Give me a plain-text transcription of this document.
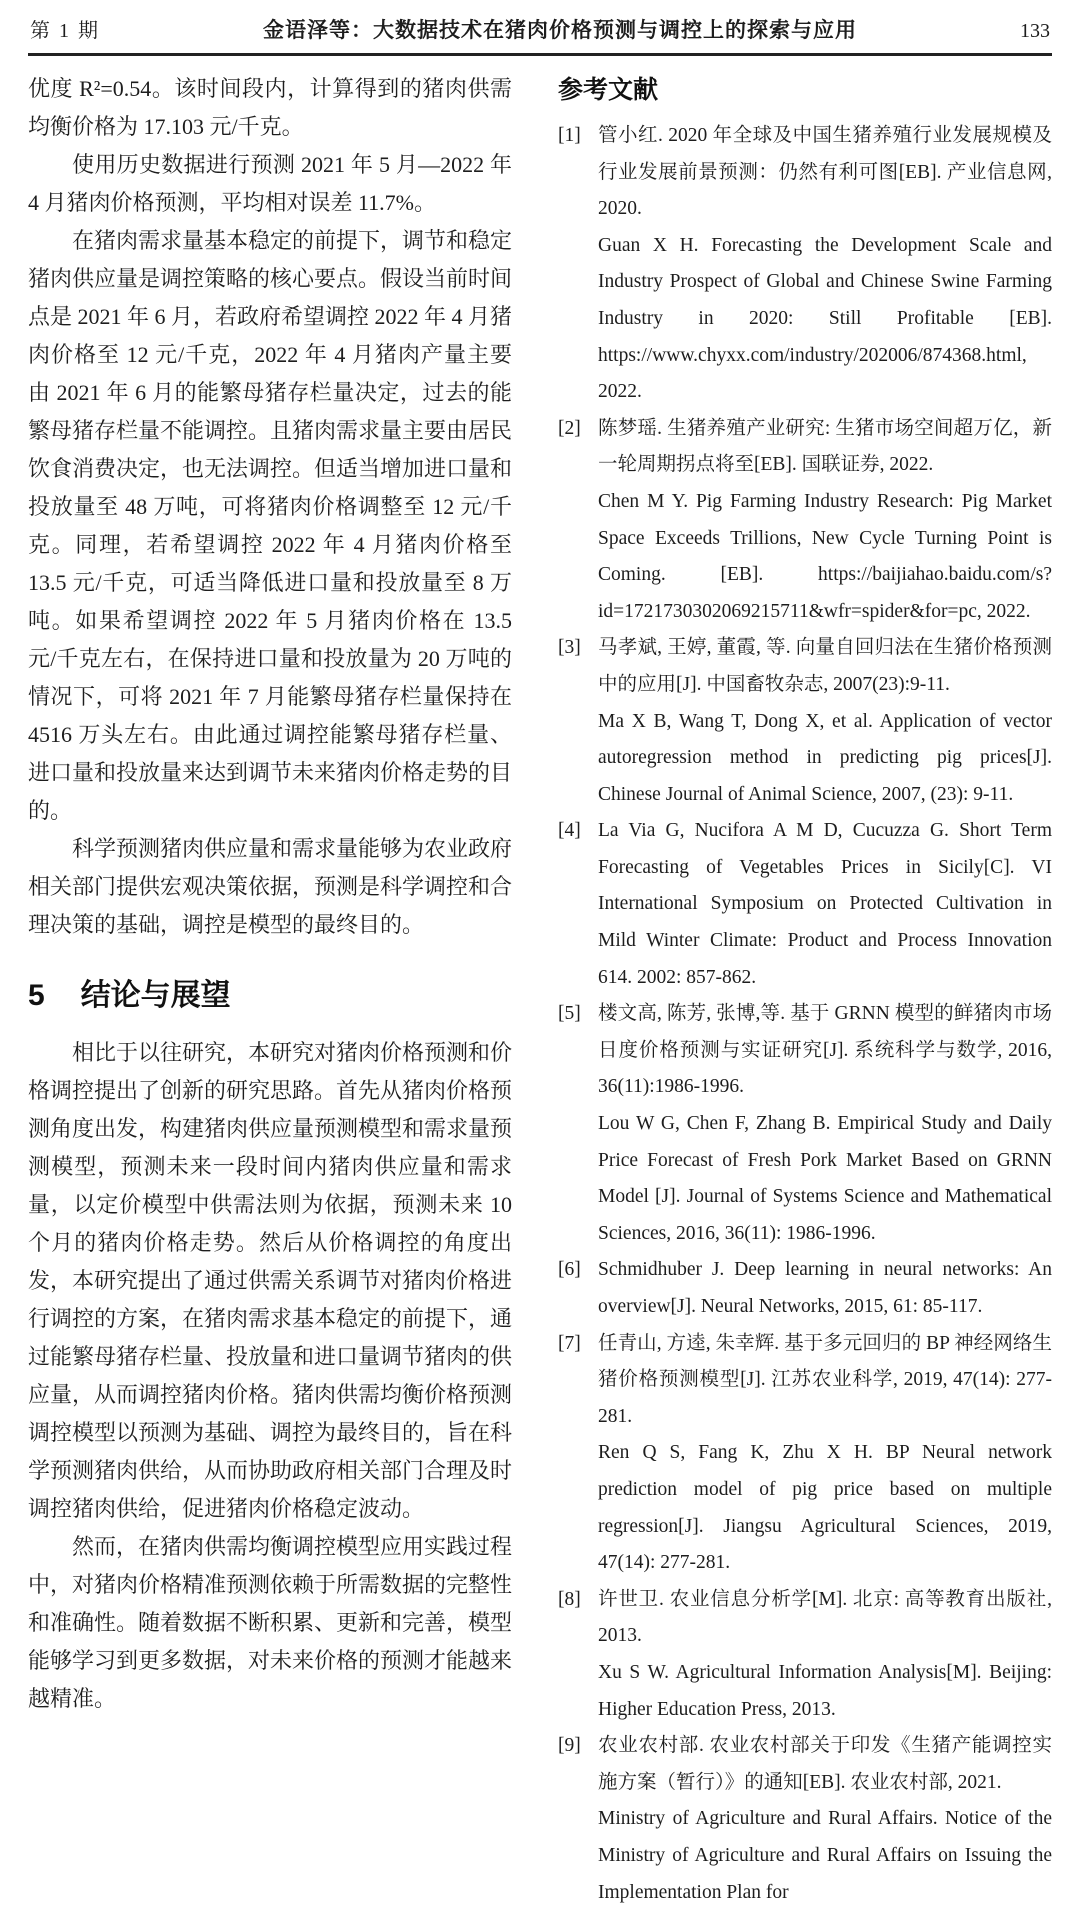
第 1 期	金语泽等：大数据技术在猪肉价格预测与调控上的探索与应用	133

优度 R²=0.54。该时间段内，计算得到的猪肉供需均衡价格为 17.103 元/千克。

使用历史数据进行预测 2021 年 5 月—2022 年 4 月猪肉价格预测，平均相对误差 11.7%。

在猪肉需求量基本稳定的前提下，调节和稳定猪肉供应量是调控策略的核心要点。假设当前时间点是 2021 年 6 月，若政府希望调控 2022 年 4 月猪肉价格至 12 元/千克，2022 年 4 月猪肉产量主要由 2021 年 6 月的能繁母猪存栏量决定，过去的能繁母猪存栏量不能调控。且猪肉需求量主要由居民饮食消费决定，也无法调控。但适当增加进口量和投放量至 48 万吨，可将猪肉价格调整至 12 元/千克。同理，若希望调控 2022 年 4 月猪肉价格至 13.5 元/千克，可适当降低进口量和投放量至 8 万吨。如果希望调控 2022 年 5 月猪肉价格在 13.5 元/千克左右，在保持进口量和投放量为 20 万吨的情况下，可将 2021 年 7 月能繁母猪存栏量保持在 4516 万头左右。由此通过调控能繁母猪存栏量、进口量和投放量来达到调节未来猪肉价格走势的目的。

科学预测猪肉供应量和需求量能够为农业政府相关部门提供宏观决策依据，预测是科学调控和合理决策的基础，调控是模型的最终目的。

5 结论与展望

相比于以往研究，本研究对猪肉价格预测和价格调控提出了创新的研究思路。首先从猪肉价格预测角度出发，构建猪肉供应量预测模型和需求量预测模型，预测未来一段时间内猪肉供应量和需求量，以定价模型中供需法则为依据，预测未来 10 个月的猪肉价格走势。然后从价格调控的角度出发，本研究提出了通过供需关系调节对猪肉价格进行调控的方案，在猪肉需求基本稳定的前提下，通过能繁母猪存栏量、投放量和进口量调节猪肉的供应量，从而调控猪肉价格。猪肉供需均衡价格预测调控模型以预测为基础、调控为最终目的，旨在科学预测猪肉供给，从而协助政府相关部门合理及时调控猪肉供给，促进猪肉价格稳定波动。

然而，在猪肉供需均衡调控模型应用实践过程中，对猪肉价格精准预测依赖于所需数据的完整性和准确性。随着数据不断积累、更新和完善，模型能够学习到更多数据，对未来价格的预测才能越来越精准。

参考文献
[1] 管小红. 2020 年全球及中国生猪养殖行业发展规模及行业发展前景预测：仍然有利可图[EB]. 产业信息网, 2020.
Guan X H. Forecasting the Development Scale and Industry Prospect of Global and Chinese Swine Farming Industry in 2020: Still Profitable [EB]. https://www.chyxx.com/industry/202006/874368.html, 2022.
[2] 陈梦瑶. 生猪养殖产业研究: 生猪市场空间超万亿，新一轮周期拐点将至[EB]. 国联证券, 2022.
Chen M Y. Pig Farming Industry Research: Pig Market Space Exceeds Trillions, New Cycle Turning Point is Coming. [EB]. https://baijiahao.baidu.com/s?id=1721730302069215711&wfr=spider&for=pc, 2022.
[3] 马孝斌, 王婷, 董霞, 等. 向量自回归法在生猪价格预测中的应用[J]. 中国畜牧杂志, 2007(23):9-11.
Ma X B, Wang T, Dong X, et al. Application of vector autoregression method in predicting pig prices[J]. Chinese Journal of Animal Science, 2007, (23): 9-11.
[4] La Via G, Nucifora A M D, Cucuzza G. Short Term Forecasting of Vegetables Prices in Sicily[C]. VI International Symposium on Protected Cultivation in Mild Winter Climate: Product and Process Innovation 614. 2002: 857-862.
[5] 楼文高, 陈芳, 张博,等. 基于 GRNN 模型的鲜猪肉市场日度价格预测与实证研究[J]. 系统科学与数学, 2016, 36(11):1986-1996.
Lou W G, Chen F, Zhang B. Empirical Study and Daily Price Forecast of Fresh Pork Market Based on GRNN Model [J]. Journal of Systems Science and Mathematical Sciences, 2016, 36(11): 1986-1996.
[6] Schmidhuber J. Deep learning in neural networks: An overview[J]. Neural Networks, 2015, 61: 85-117.
[7] 任青山, 方逵, 朱幸辉. 基于多元回归的 BP 神经网络生猪价格预测模型[J]. 江苏农业科学, 2019, 47(14): 277-281.
Ren Q S, Fang K, Zhu X H. BP Neural network prediction model of pig price based on multiple regression[J]. Jiangsu Agricultural Sciences, 2019, 47(14): 277-281.
[8] 许世卫. 农业信息分析学[M]. 北京: 高等教育出版社, 2013.
Xu S W. Agricultural Information Analysis[M]. Beijing: Higher Education Press, 2013.
[9] 农业农村部. 农业农村部关于印发《生猪产能调控实施方案（暂行）》的通知[EB]. 农业农村部, 2021.
Ministry of Agriculture and Rural Affairs. Notice of the Ministry of Agriculture and Rural Affairs on Issuing the Implementation Plan for
